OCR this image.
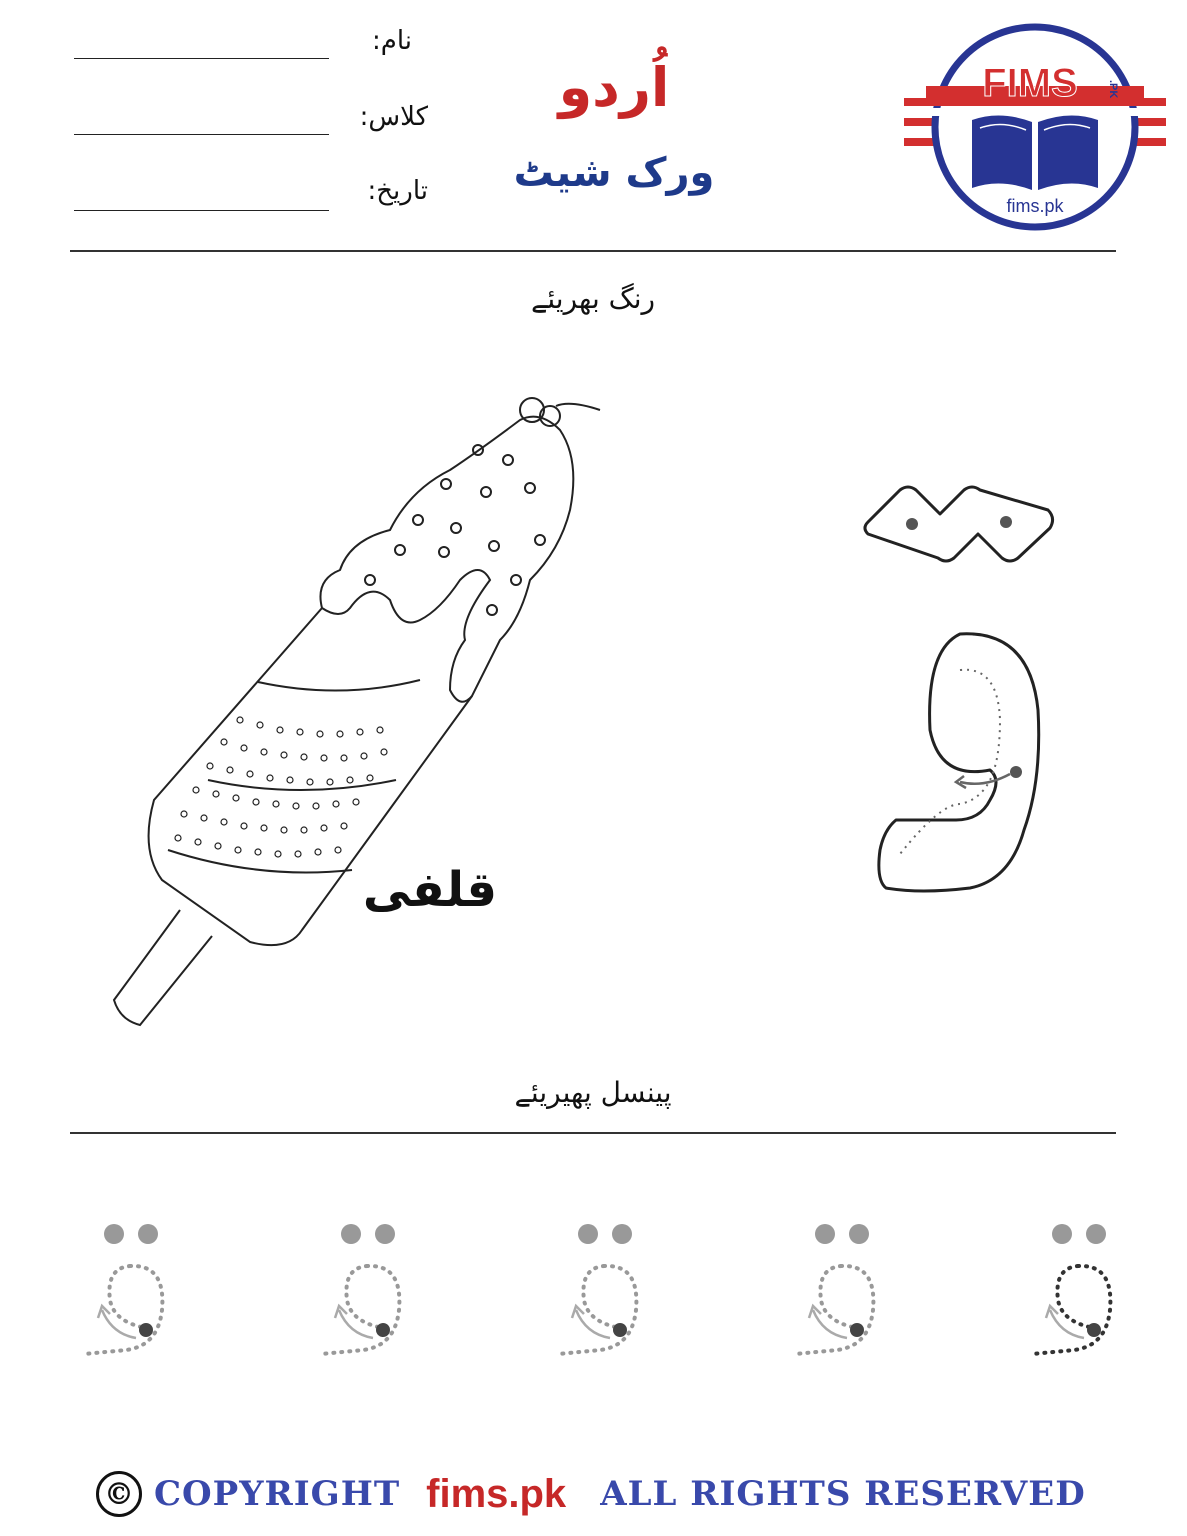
نام:
کلاس:
تاریخ:
اُردو
ورک شیٹ
FIMS	.PK
fims.pk
رنگ بھریئے
قلفی
پینسل پھیریئے
© COPYRIGHT fims.pk ALL RIGHTS RESERVED
